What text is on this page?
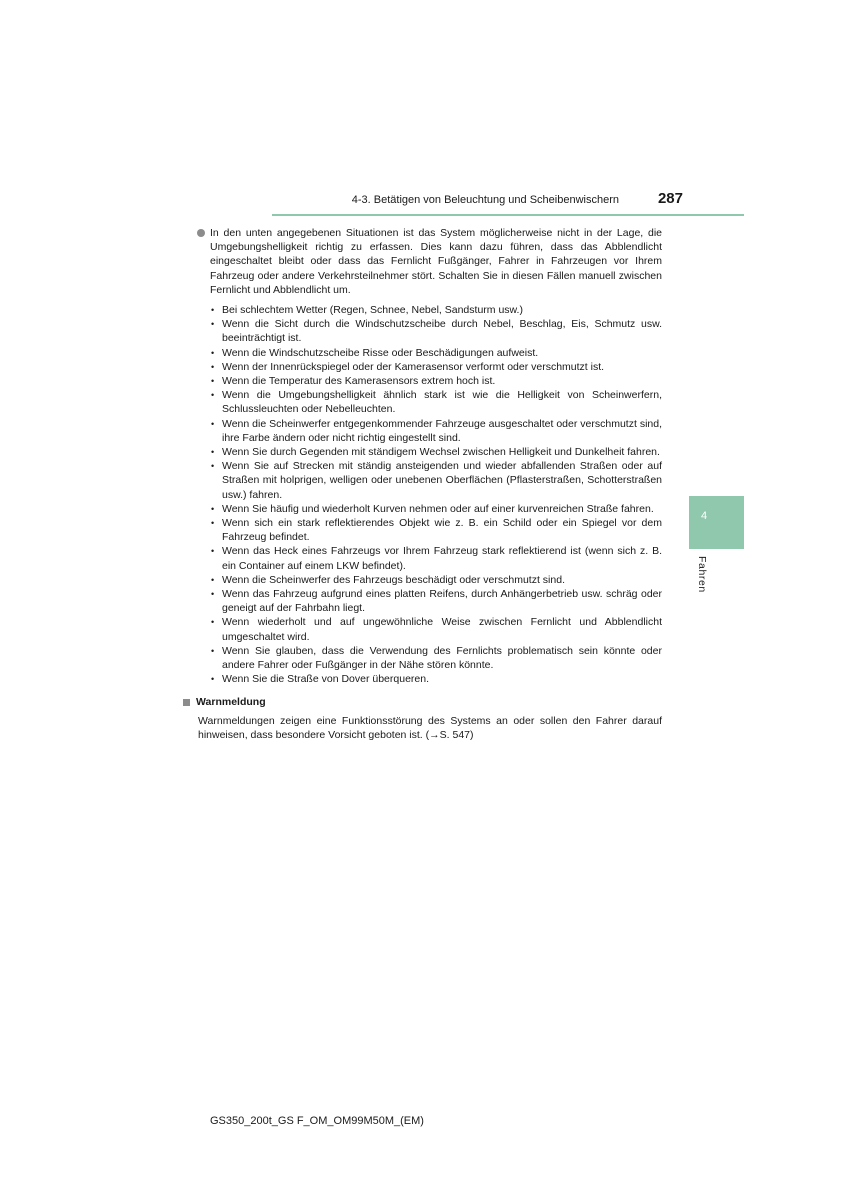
4-3. Betätigen von Beleuchtung und Scheibenwischern	287
4
Fahren
In den unten angegebenen Situationen ist das System möglicherweise nicht in der Lage, die Umgebungshelligkeit richtig zu erfassen. Dies kann dazu führen, dass das Abblendlicht eingeschaltet bleibt oder dass das Fernlicht Fußgänger, Fahrer in Fahrzeugen vor Ihrem Fahrzeug oder andere Verkehrsteilnehmer stört. Schalten Sie in diesen Fällen manuell zwischen Fernlicht und Abblendlicht um.
• Bei schlechtem Wetter (Regen, Schnee, Nebel, Sandsturm usw.)
• Wenn die Sicht durch die Windschutzscheibe durch Nebel, Beschlag, Eis, Schmutz usw. beeinträchtigt ist.
• Wenn die Windschutzscheibe Risse oder Beschädigungen aufweist.
• Wenn der Innenrückspiegel oder der Kamerasensor verformt oder verschmutzt ist.
• Wenn die Temperatur des Kamerasensors extrem hoch ist.
• Wenn die Umgebungshelligkeit ähnlich stark ist wie die Helligkeit von Scheinwerfern, Schlussleuchten oder Nebelleuchten.
• Wenn die Scheinwerfer entgegenkommender Fahrzeuge ausgeschaltet oder verschmutzt sind, ihre Farbe ändern oder nicht richtig eingestellt sind.
• Wenn Sie durch Gegenden mit ständigem Wechsel zwischen Helligkeit und Dunkelheit fahren.
• Wenn Sie auf Strecken mit ständig ansteigenden und wieder abfallenden Straßen oder auf Straßen mit holprigen, welligen oder unebenen Oberflächen (Pflasterstraßen, Schotterstraßen usw.) fahren.
• Wenn Sie häufig und wiederholt Kurven nehmen oder auf einer kurvenreichen Straße fahren.
• Wenn sich ein stark reflektierendes Objekt wie z. B. ein Schild oder ein Spiegel vor dem Fahrzeug befindet.
• Wenn das Heck eines Fahrzeugs vor Ihrem Fahrzeug stark reflektierend ist (wenn sich z. B. ein Container auf einem LKW befindet).
• Wenn die Scheinwerfer des Fahrzeugs beschädigt oder verschmutzt sind.
• Wenn das Fahrzeug aufgrund eines platten Reifens, durch Anhängerbetrieb usw. schräg oder geneigt auf der Fahrbahn liegt.
• Wenn wiederholt und auf ungewöhnliche Weise zwischen Fernlicht und Abblendlicht umgeschaltet wird.
• Wenn Sie glauben, dass die Verwendung des Fernlichts problematisch sein könnte oder andere Fahrer oder Fußgänger in der Nähe stören könnte.
• Wenn Sie die Straße von Dover überqueren.
Warnmeldung
Warnmeldungen zeigen eine Funktionsstörung des Systems an oder sollen den Fahrer darauf hinweisen, dass besondere Vorsicht geboten ist. (→S. 547)
GS350_200t_GS F_OM_OM99M50M_(EM)
